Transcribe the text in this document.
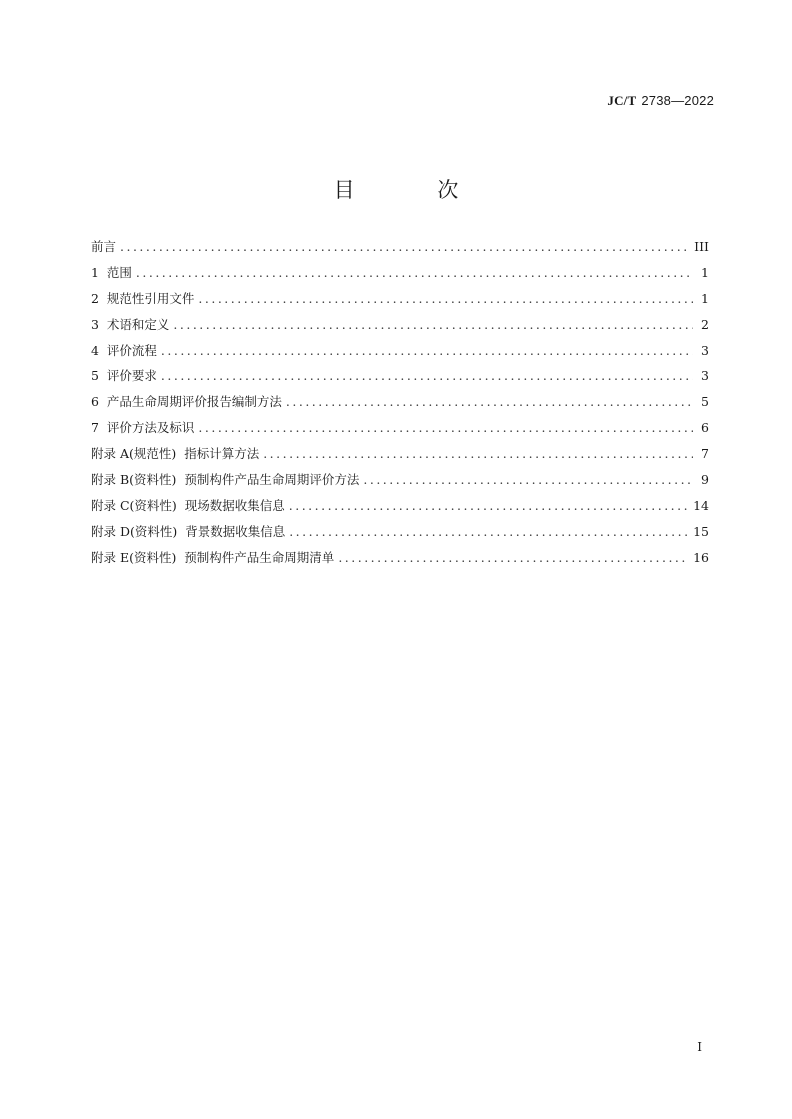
JC/T 2738—2022
目 次
前言 .....	III
1  范围 .....	1
2  规范性引用文件 .....	1
3  术语和定义 .....	2
4  评价流程 .....	3
5  评价要求 .....	3
6  产品生命周期评价报告编制方法 .....	5
7  评价方法及标识 .....	6
附录 A(规范性)  指标计算方法 .....	7
附录 B(资料性)  预制构件产品生命周期评价方法 .....	9
附录 C(资料性)  现场数据收集信息 .....	14
附录 D(资料性)  背景数据收集信息 .....	15
附录 E(资料性)  预制构件产品生命周期清单 .....	16
I
